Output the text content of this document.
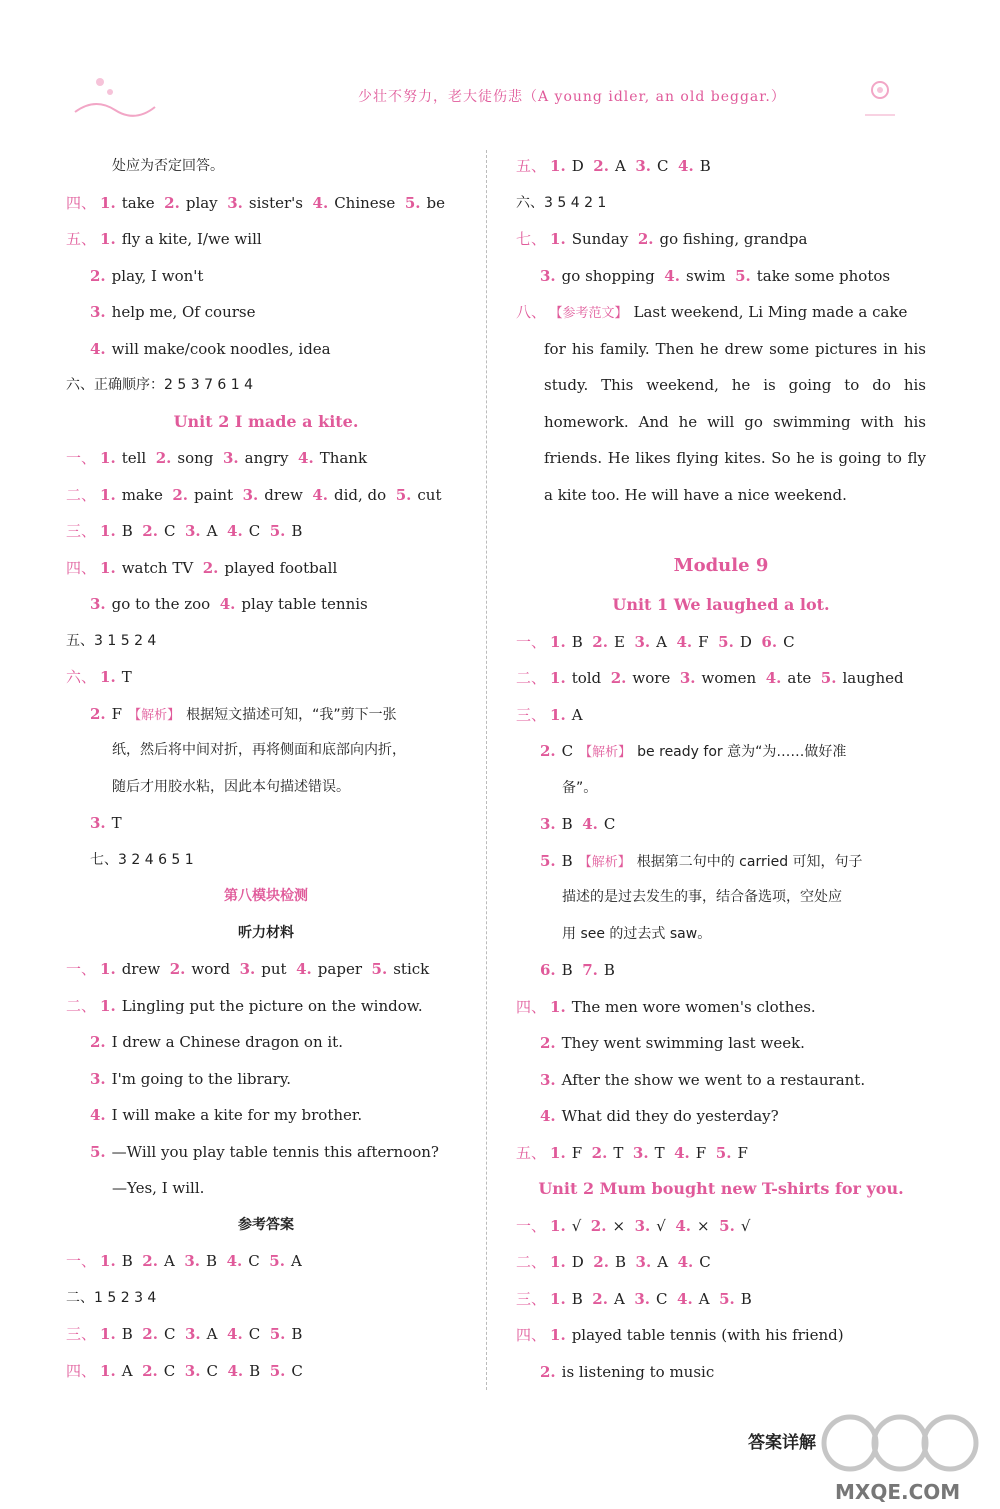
少壮不努力，老大徒伤悲（A young idler, an old beggar.）
处应为否定回答。
四、 1. take 2. play 3. sister's 4. Chinese 5. be
五、 1. fly a kite, I/we will
2. play, I won't
3. help me, Of course
4. will make/cook noodles, idea
六、正确顺序：2 5 3 7 6 1 4
Unit 2 I made a kite.
一、 1. tell 2. song 3. angry 4. Thank
二、 1. make 2. paint 3. drew 4. did, do 5. cut
三、 1. B 2. C 3. A 4. C 5. B
四、 1. watch TV 2. played football
3. go to the zoo 4. play table tennis
五、3 1 5 2 4
六、 1. T
2. F 【解析】 根据短文描述可知，“我”剪下一张
纸，然后将中间对折，再将侧面和底部向内折，
随后才用胶水粘，因此本句描述错误。
3. T
七、3 2 4 6 5 1
第八模块检测
听力材料
一、 1. drew 2. word 3. put 4. paper 5. stick
二、 1. Lingling put the picture on the window.
2. I drew a Chinese dragon on it.
3. I'm going to the library.
4. I will make a kite for my brother.
5. —Will you play table tennis this afternoon?
—Yes, I will.
参考答案
一、 1. B 2. A 3. B 4. C 5. A
二、1 5 2 3 4
三、 1. B 2. C 3. A 4. C 5. B
四、 1. A 2. C 3. C 4. B 5. C
五、 1. D 2. A 3. C 4. B
六、3 5 4 2 1
七、 1. Sunday 2. go fishing, grandpa
3. go shopping 4. swim 5. take some photos
八、 【参考范文】 Last weekend, Li Ming made a cake
for his family. Then he drew some pictures in his study. This weekend, he is going to do his homework. And he will go swimming with his friends. He likes flying kites. So he is going to fly a kite too. He will have a nice weekend.
Module 9
Unit 1 We laughed a lot.
一、 1. B 2. E 3. A 4. F 5. D 6. C
二、 1. told 2. wore 3. women 4. ate 5. laughed
三、 1. A
2. C 【解析】 be ready for 意为“为……做好准
备”。
3. B 4. C
5. B 【解析】 根据第二句中的 carried 可知，句子
描述的是过去发生的事，结合备选项，空处应
用 see 的过去式 saw。
6. B 7. B
四、 1. The men wore women's clothes.
2. They went swimming last week.
3. After the show we went to a restaurant.
4. What did they do yesterday?
五、 1. F 2. T 3. T 4. F 5. F
Unit 2 Mum bought new T-shirts for you.
一、 1. √ 2. × 3. √ 4. × 5. √
二、 1. D 2. B 3. A 4. C
三、 1. B 2. A 3. C 4. A 5. B
四、 1. played table tennis (with his friend)
2. is listening to music
答案详解
MXQE.COM
